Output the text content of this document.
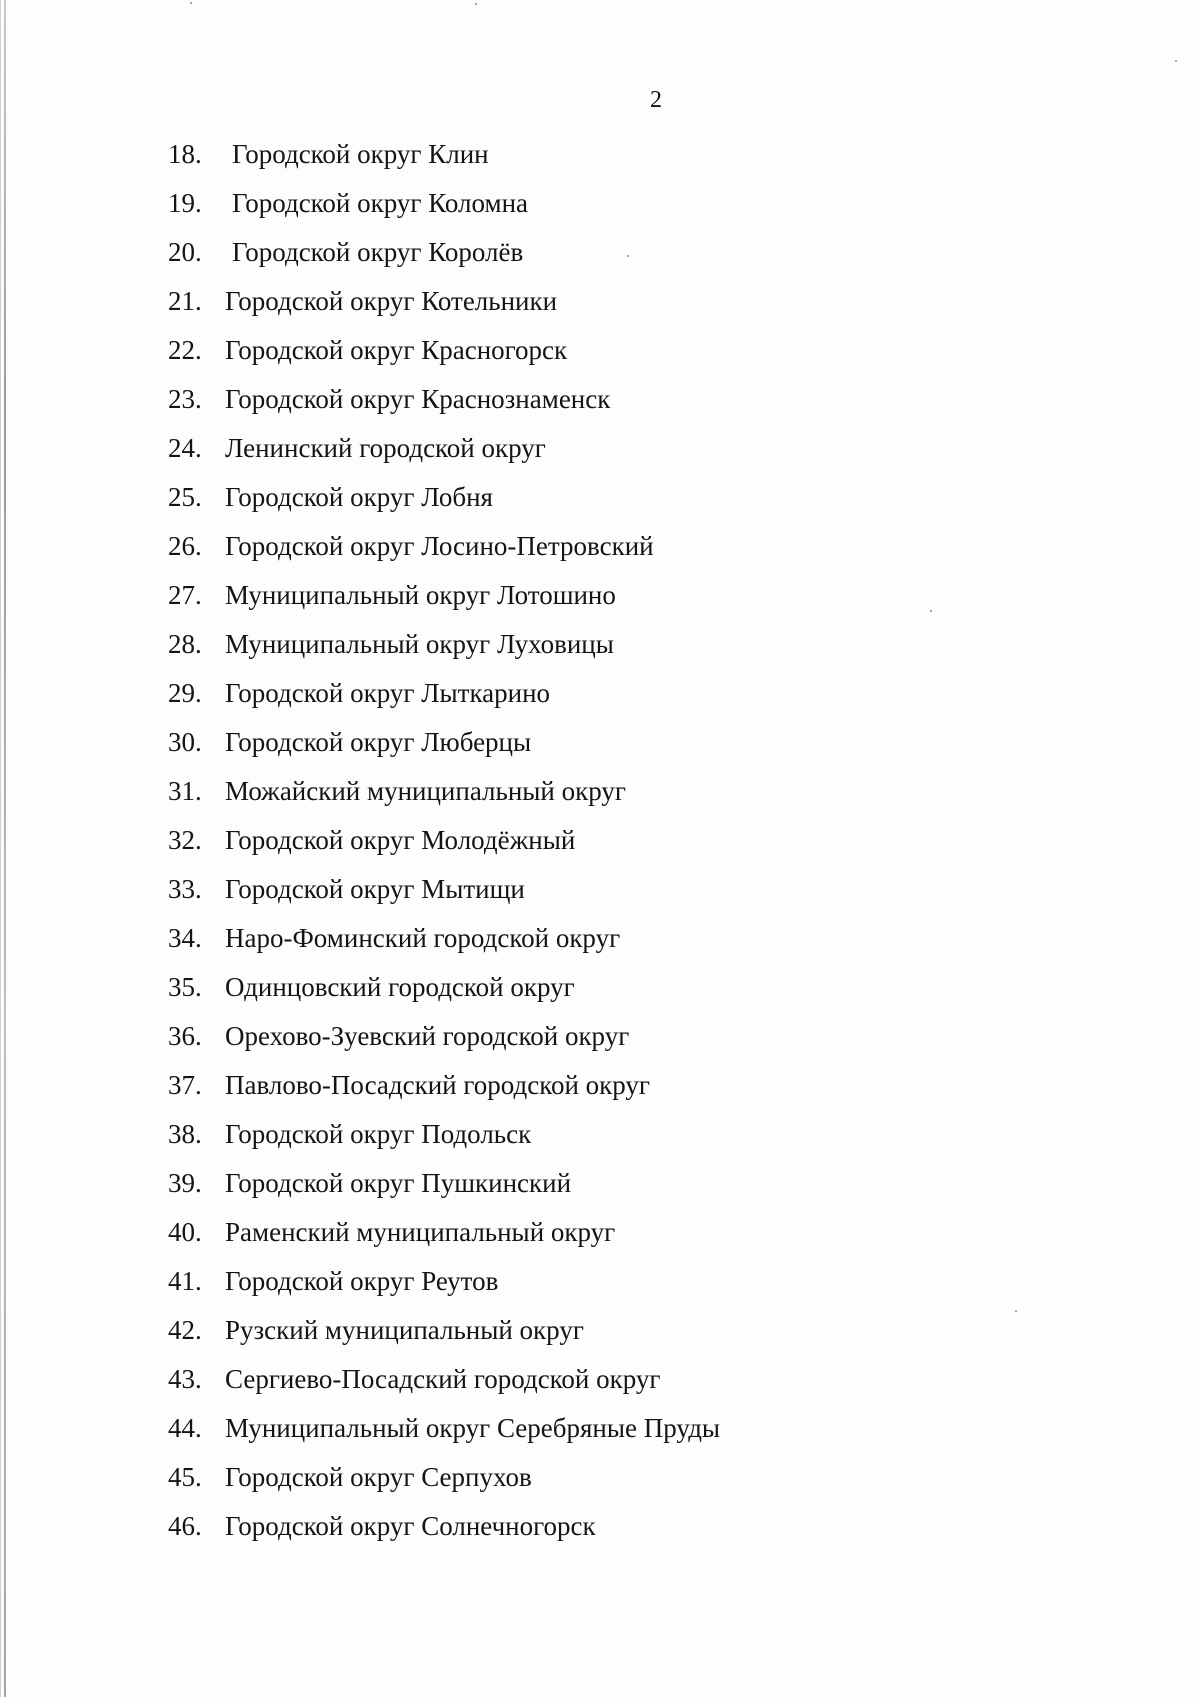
2
18. Городской округ Клин
19. Городской округ Коломна
20. Городской округ Королёв
21. Городской округ Котельники
22. Городской округ Красногорск
23. Городской округ Краснознаменск
24. Ленинский городской округ
25. Городской округ Лобня
26. Городской округ Лосино-Петровский
27. Муниципальный округ Лотошино
28. Муниципальный округ Луховицы
29. Городской округ Лыткарино
30. Городской округ Люберцы
31. Можайский муниципальный округ
32. Городской округ Молодёжный
33. Городской округ Мытищи
34. Наро-Фоминский городской округ
35. Одинцовский городской округ
36. Орехово-Зуевский городской округ
37. Павлово-Посадский городской округ
38. Городской округ Подольск
39. Городской округ Пушкинский
40. Раменский муниципальный округ
41. Городской округ Реутов
42. Рузский муниципальный округ
43. Сергиево-Посадский городской округ
44. Муниципальный округ Серебряные Пруды
45. Городской округ Серпухов
46. Городской округ Солнечногорск
